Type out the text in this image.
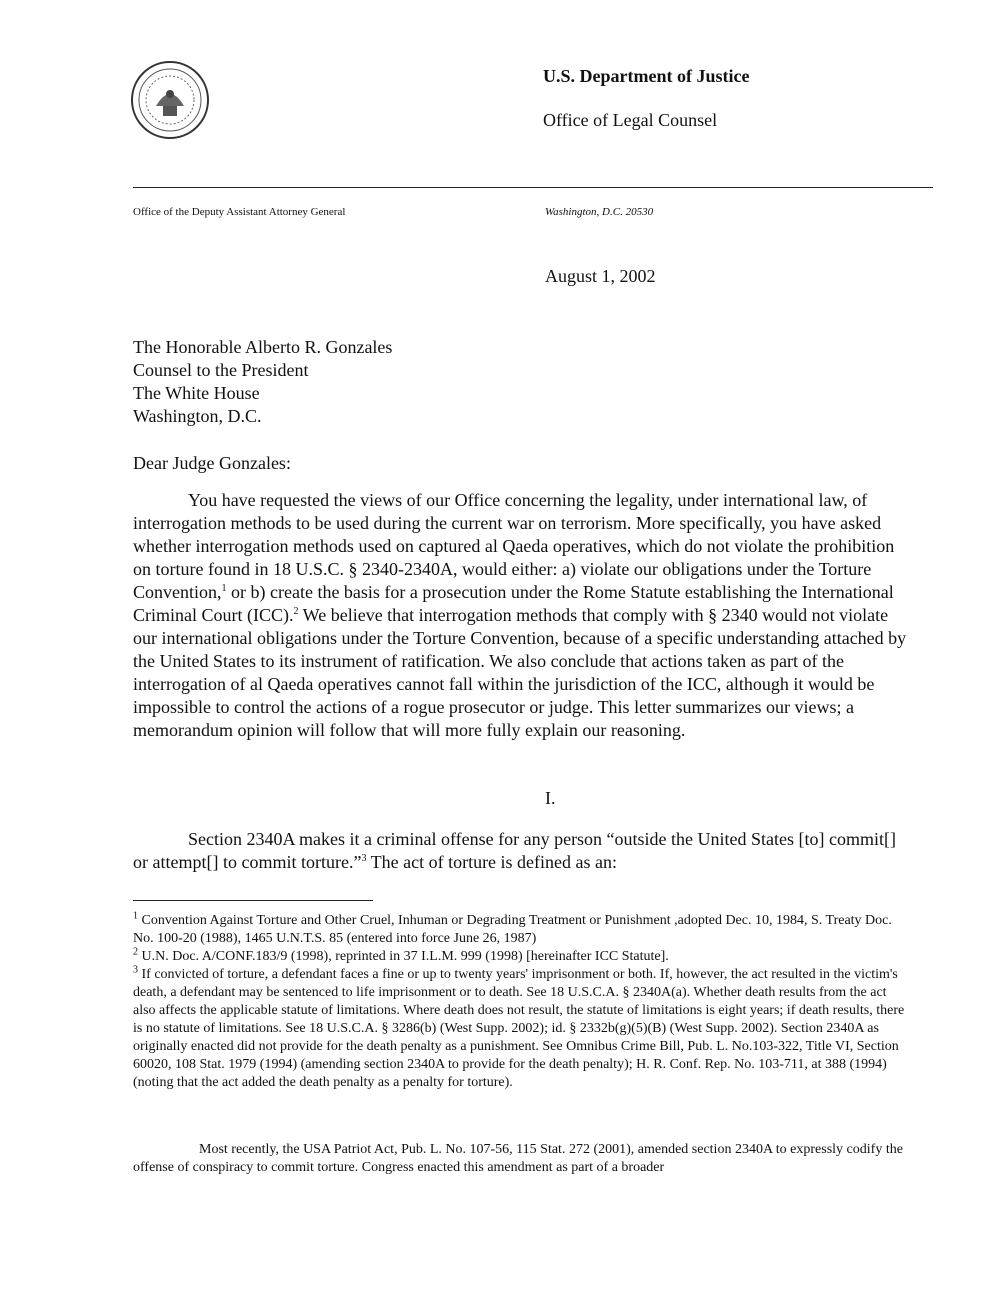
U.S. Department of Justice
Office of Legal Counsel
Office of the Deputy Assistant Attorney General	Washington, D.C. 20530
August 1, 2002
The Honorable Alberto R. Gonzales
Counsel to the President
The White House
Washington, D.C.
Dear Judge Gonzales:

You have requested the views of our Office concerning the legality, under international law, of interrogation methods to be used during the current war on terrorism. More specifically, you have asked whether interrogation methods used on captured al Qaeda operatives, which do not violate the prohibition on torture found in 18 U.S.C. § 2340-2340A, would either: a) violate our obligations under the Torture Convention,$^1$ or b) create the basis for a prosecution under the Rome Statute establishing the International Criminal Court (ICC).$^2$ We believe that interrogation methods that comply with § 2340 would not violate our international obligations under the Torture Convention, because of a specific understanding attached by the United States to its instrument of ratification. We also conclude that actions taken as part of the interrogation of al Qaeda operatives cannot fall within the jurisdiction of the ICC, although it would be impossible to control the actions of a rogue prosecutor or judge. This letter summarizes our views; a memorandum opinion will follow that will more fully explain our reasoning.

I.

Section 2340A makes it a criminal offense for any person “outside the United States [to] commit[] or attempt[] to commit torture.”$^3$ The act of torture is defined as an:

$^1$ Convention Against Torture and Other Cruel, Inhuman or Degrading Treatment or Punishment ,adopted Dec. 10, 1984, S. Treaty Doc. No. 100-20 (1988), 1465 U.N.T.S. 85 (entered into force June 26, 1987)

$^2$ U.N. Doc. A/CONF.183/9 (1998), reprinted in 37 I.L.M. 999 (1998) [hereinafter ICC Statute].

$^3$ If convicted of torture, a defendant faces a fine or up to twenty years' imprisonment or both. If, however, the act resulted in the victim's death, a defendant may be sentenced to life imprisonment or to death. See 18 U.S.C.A. § 2340A(a). Whether death results from the act also affects the applicable statute of limitations. Where death does not result, the statute of limitations is eight years; if death results, there is no statute of limitations. See 18 U.S.C.A. § 3286(b) (West Supp. 2002); id. § 2332b(g)(5)(B) (West Supp. 2002). Section 2340A as originally enacted did not provide for the death penalty as a punishment. See Omnibus Crime Bill, Pub. L. No.103-322, Title VI, Section 60020, 108 Stat. 1979 (1994) (amending section 2340A to provide for the death penalty); H. R. Conf. Rep. No. 103-711, at 388 (1994) (noting that the act added the death penalty as a penalty for torture).

Most recently, the USA Patriot Act, Pub. L. No. 107-56, 115 Stat. 272 (2001), amended section 2340A to expressly codify the offense of conspiracy to commit torture. Congress enacted this amendment as part of a broader
